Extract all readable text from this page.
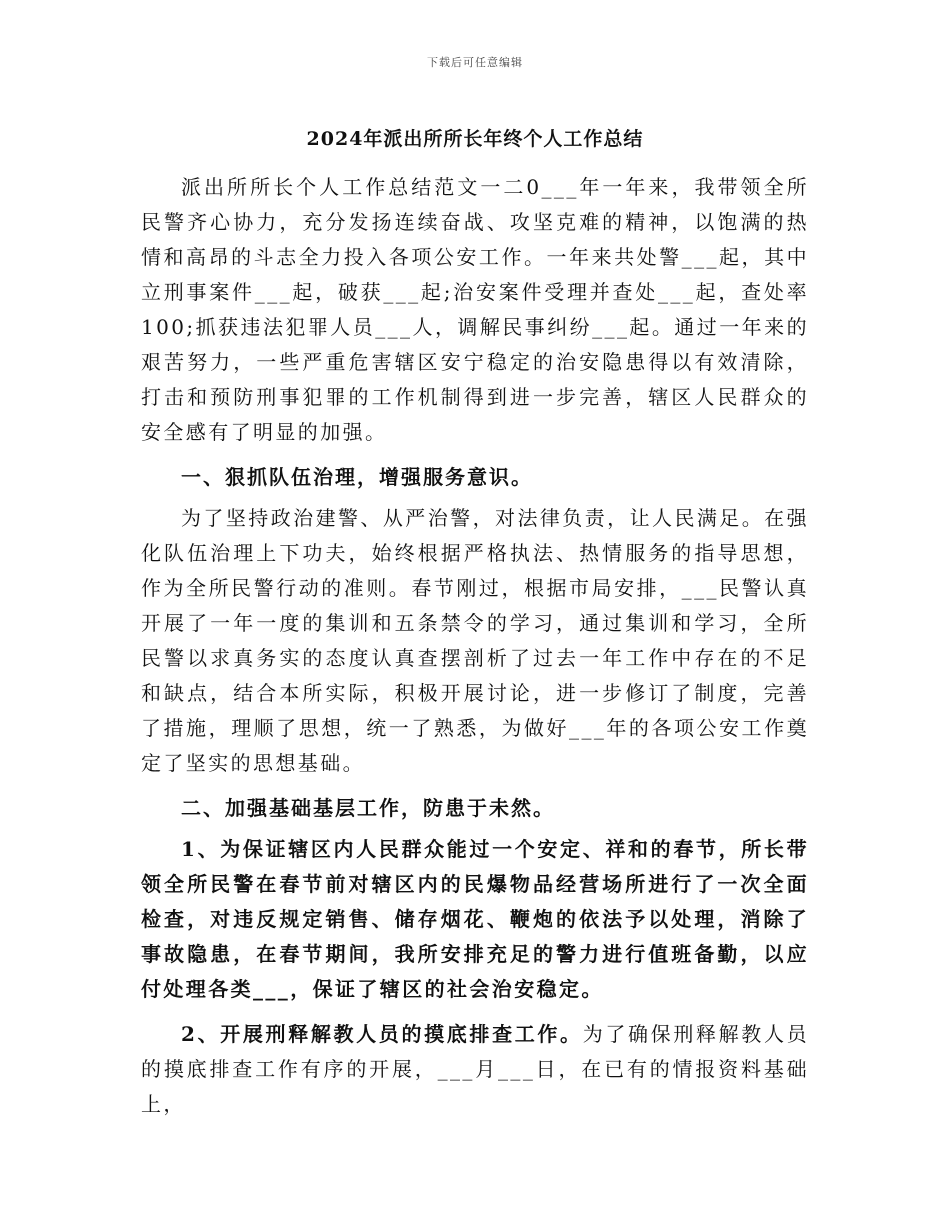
下载后可任意编辑
2024年派出所所长年终个人工作总结

派出所所长个人工作总结范文一二0___年一年来，我带领全所民警齐心协力，充分发扬连续奋战、攻坚克难的精神，以饱满的热情和高昂的斗志全力投入各项公安工作。一年来共处警___起，其中立刑事案件___起，破获___起;治安案件受理并查处___起，查处率100;抓获违法犯罪人员___人，调解民事纠纷___起。通过一年来的艰苦努力，一些严重危害辖区安宁稳定的治安隐患得以有效清除，打击和预防刑事犯罪的工作机制得到进一步完善，辖区人民群众的安全感有了明显的加强。

一、狠抓队伍治理，增强服务意识。

为了坚持政治建警、从严治警，对法律负责，让人民满足。在强化队伍治理上下功夫，始终根据严格执法、热情服务的指导思想，作为全所民警行动的准则。春节刚过，根据市局安排，___民警认真开展了一年一度的集训和五条禁令的学习，通过集训和学习，全所民警以求真务实的态度认真查摆剖析了过去一年工作中存在的不足和缺点，结合本所实际，积极开展讨论，进一步修订了制度，完善了措施，理顺了思想，统一了熟悉，为做好___年的各项公安工作奠定了坚实的思想基础。

二、加强基础基层工作，防患于未然。

1、为保证辖区内人民群众能过一个安定、祥和的春节，所长带领全所民警在春节前对辖区内的民爆物品经营场所进行了一次全面检查，对违反规定销售、储存烟花、鞭炮的依法予以处理，消除了事故隐患，在春节期间，我所安排充足的警力进行值班备勤，以应付处理各类___，保证了辖区的社会治安稳定。

2、开展刑释解教人员的摸底排查工作。为了确保刑释解教人员的摸底排查工作有序的开展，___月___日，在已有的情报资料基础上，
